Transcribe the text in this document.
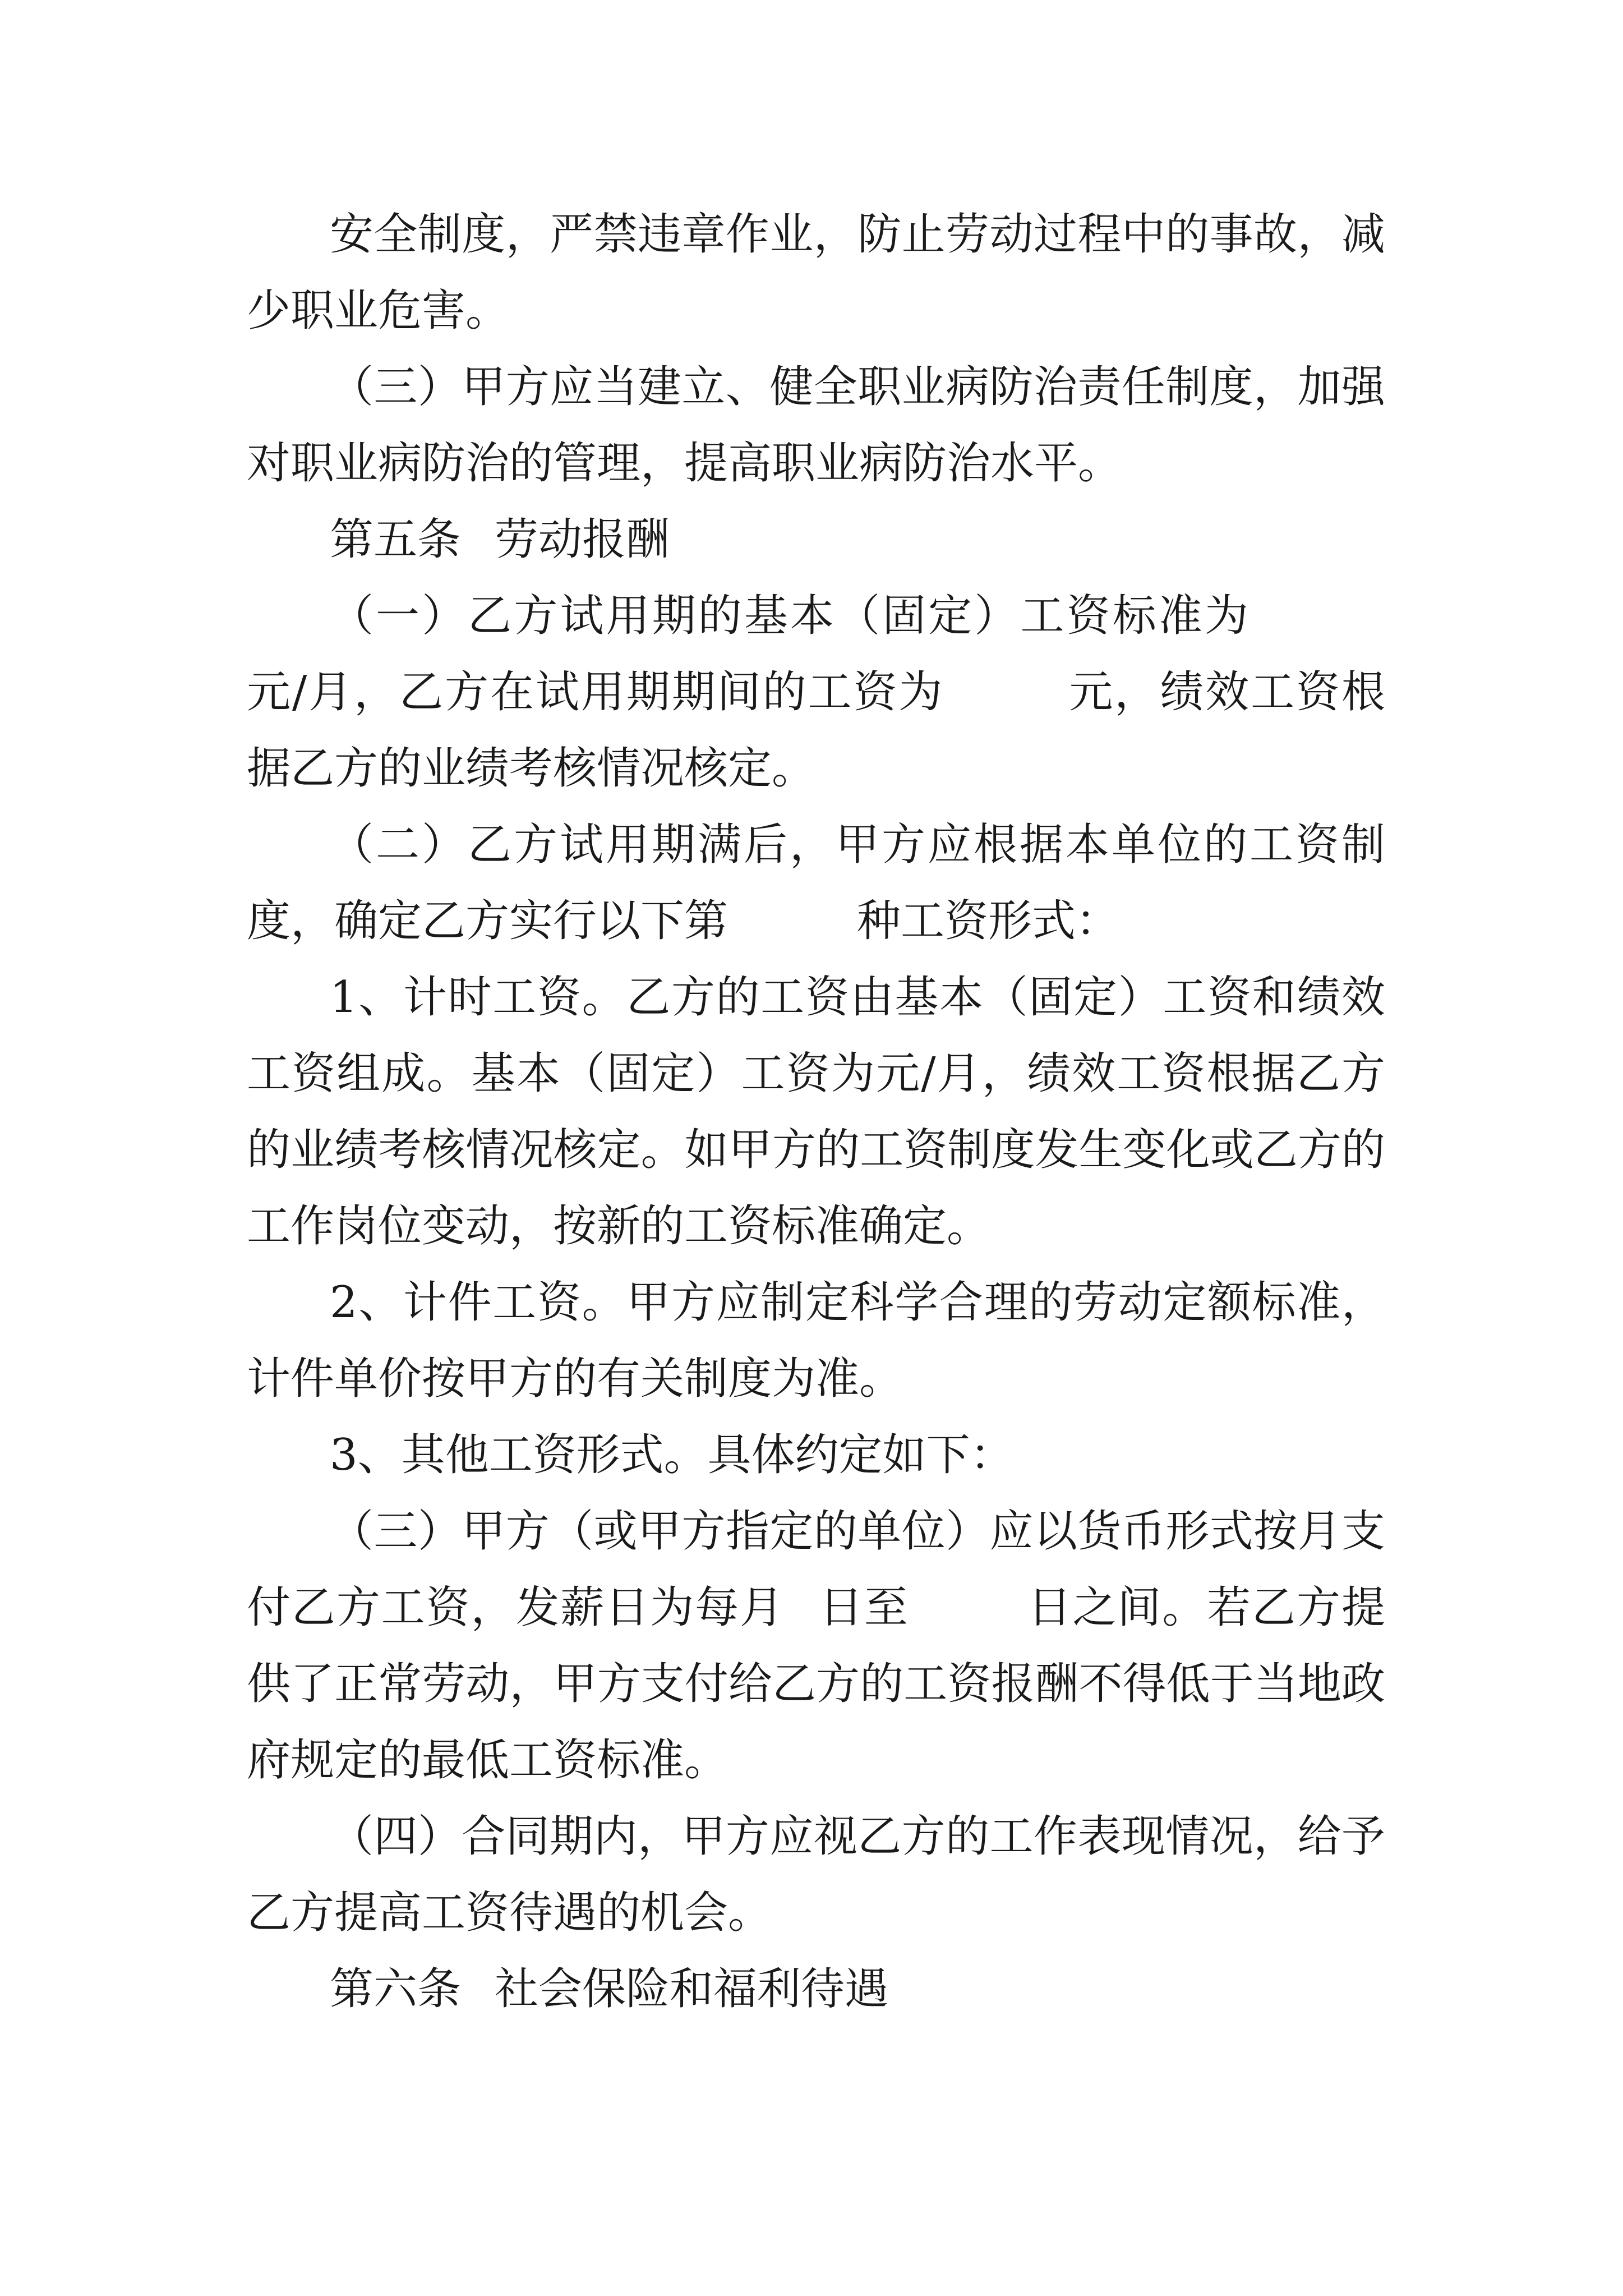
安全制度，严禁违章作业，防止劳动过程中的事故，减少职业危害。

（三）甲方应当建立、健全职业病防治责任制度，加强对职业病防治的管理，提高职业病防治水平。

第五条 劳动报酬

（一）乙方试用期的基本（固定）工资标准为元/月，乙方在试用期期间的工资为	元，绩效工资根据乙方的业绩考核情况核定。

（二）乙方试用期满后，甲方应根据本单位的工资制度，确定乙方实行以下第	种工资形式：

1、计时工资。乙方的工资由基本（固定）工资和绩效工资组成。基本（固定）工资为元/月，绩效工资根据乙方的业绩考核情况核定。如甲方的工资制度发生变化或乙方的工作岗位变动，按新的工资标准确定。

2、计件工资。甲方应制定科学合理的劳动定额标准，计件单价按甲方的有关制度为准。

3、其他工资形式。具体约定如下：

（三）甲方（或甲方指定的单位）应以货币形式按月支付乙方工资，发薪日为每月 日至	日之间。若乙方提供了正常劳动，甲方支付给乙方的工资报酬不得低于当地政府规定的最低工资标准。

（四）合同期内，甲方应视乙方的工作表现情况，给予乙方提高工资待遇的机会。

第六条 社会保险和福利待遇
